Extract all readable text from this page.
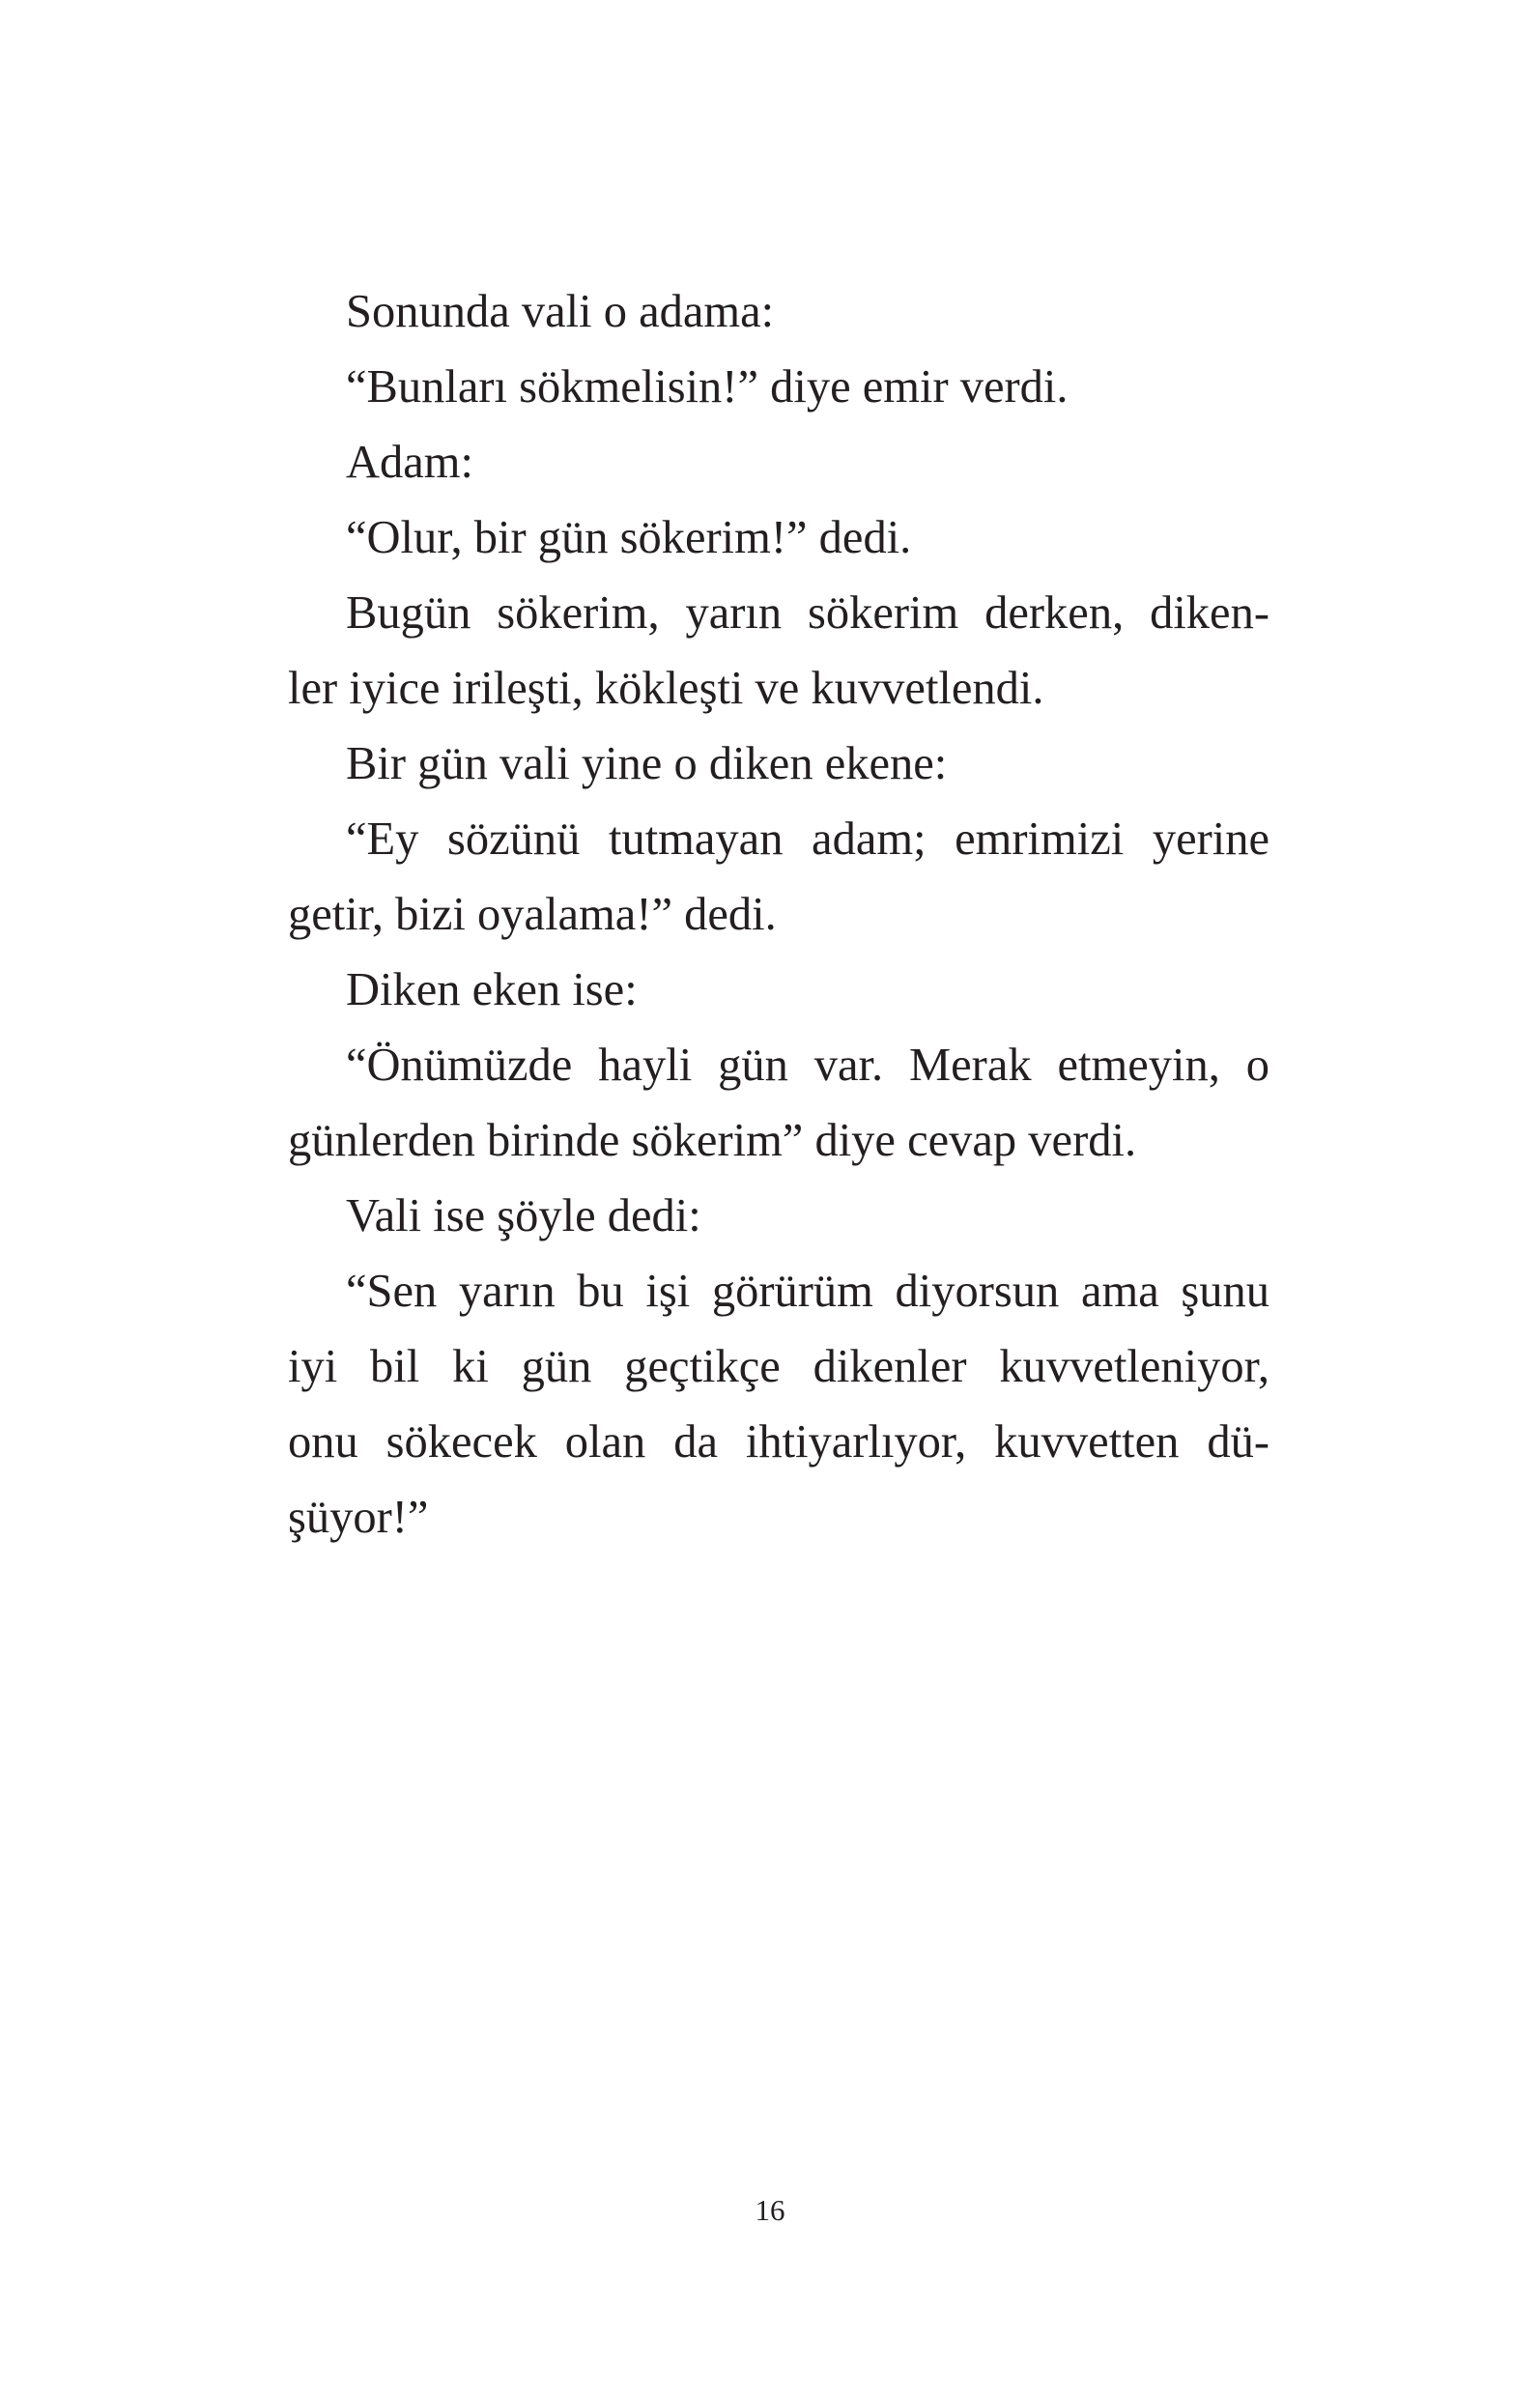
Sonunda vali o adama:

“Bunları sökmelisin!” diye emir verdi.

Adam:

“Olur, bir gün sökerim!” dedi.

Bugün sökerim, yarın sökerim derken, diken-

ler iyice irileşti, kökleşti ve kuvvetlendi.

Bir gün vali yine o diken ekene:

“Ey sözünü tutmayan adam; emrimizi yerine

getir, bizi oyalama!” dedi.

Diken eken ise:

“Önümüzde hayli gün var. Merak etmeyin, o

günlerden birinde sökerim” diye cevap verdi.

Vali ise şöyle dedi:

“Sen yarın bu işi görürüm diyorsun ama şunu

iyi bil ki gün geçtikçe dikenler kuvvetleniyor,

onu sökecek olan da ihtiyarlıyor, kuvvetten dü-

şüyor!”

16
